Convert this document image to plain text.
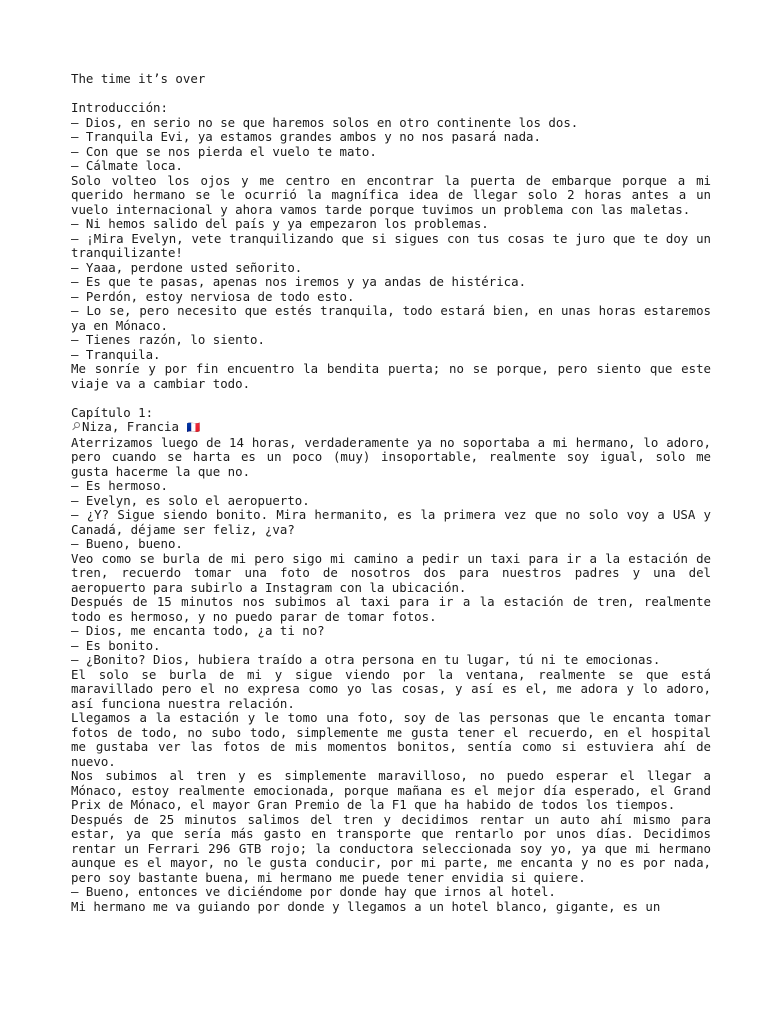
The time it’s over
Introducción:
— Dios, en serio no se que haremos solos en otro continente los dos.
— Tranquila Evi, ya estamos grandes ambos y no nos pasará nada.
— Con que se nos pierda el vuelo te mato.
— Cálmate loca.
Solo volteo los ojos y me centro en encontrar la puerta de embarque porque a mi querido hermano se le ocurrió la magnífica idea de llegar solo 2 horas antes a un vuelo internacional y ahora vamos tarde porque tuvimos un problema con las maletas.
— Ni hemos salido del país y ya empezaron los problemas.
— ¡Mira Evelyn, vete tranquilizando que si sigues con tus cosas te juro que te doy un tranquilizante!
— Yaaa, perdone usted señorito.
— Es que te pasas, apenas nos iremos y ya andas de histérica.
— Perdón, estoy nerviosa de todo esto.
— Lo se, pero necesito que estés tranquila, todo estará bien, en unas horas estaremos ya en Mónaco.
— Tienes razón, lo siento.
— Tranquila.
Me sonríe y por fin encuentro la bendita puerta; no se porque, pero siento que este viaje va a cambiar todo.
Capítulo 1:
Niza, Francia 🇫🇷
Aterrizamos luego de 14 horas, verdaderamente ya no soportaba a mi hermano, lo adoro, pero cuando se harta es un poco (muy) insoportable, realmente soy igual, solo me gusta hacerme la que no.
— Es hermoso.
— Evelyn, es solo el aeropuerto.
— ¿Y? Sigue siendo bonito. Mira hermanito, es la primera vez que no solo voy a USA y Canadá, déjame ser feliz, ¿va?
— Bueno, bueno.
Veo como se burla de mi pero sigo mi camino a pedir un taxi para ir a la estación de tren, recuerdo tomar una foto de nosotros dos para nuestros padres y una del aeropuerto para subirlo a Instagram con la ubicación.
Después de 15 minutos nos subimos al taxi para ir a la estación de tren, realmente todo es hermoso, y no puedo parar de tomar fotos.
— Dios, me encanta todo, ¿a ti no?
— Es bonito.
— ¿Bonito? Dios, hubiera traído a otra persona en tu lugar, tú ni te emocionas.
El solo se burla de mi y sigue viendo por la ventana, realmente se que está maravillado pero el no expresa como yo las cosas, y así es el, me adora y lo adoro, así funciona nuestra relación.
Llegamos a la estación y le tomo una foto, soy de las personas que le encanta tomar fotos de todo, no subo todo, simplemente me gusta tener el recuerdo, en el hospital me gustaba ver las fotos de mis momentos bonitos, sentía como si estuviera ahí de nuevo.
Nos subimos al tren y es simplemente maravilloso, no puedo esperar el llegar a Mónaco, estoy realmente emocionada, porque mañana es el mejor día esperado, el Grand Prix de Mónaco, el mayor Gran Premio de la F1 que ha habido de todos los tiempos.
Después de 25 minutos salimos del tren y decidimos rentar un auto ahí mismo para estar, ya que sería más gasto en transporte que rentarlo por unos días. Decidimos rentar un Ferrari 296 GTB rojo; la conductora seleccionada soy yo, ya que mi hermano aunque es el mayor, no le gusta conducir, por mi parte, me encanta y no es por nada, pero soy bastante buena, mi hermano me puede tener envidia si quiere.
— Bueno, entonces ve diciéndome por donde hay que irnos al hotel.
Mi hermano me va guiando por donde y llegamos a un hotel blanco, gigante, es un
